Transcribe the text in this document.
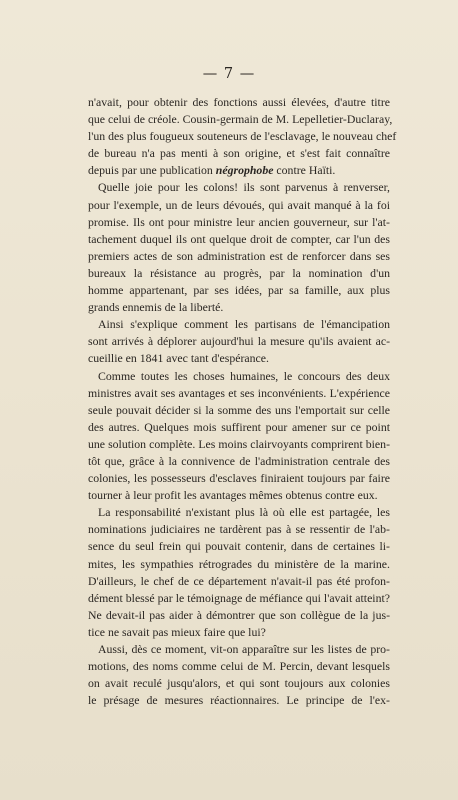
— 7 —
n'avait, pour obtenir des fonctions aussi élevées, d'autre titre
que celui de créole. Cousin-germain de M. Lepelletier-Duclaray,
l'un des plus fougueux souteneurs de l'esclavage, le nouveau chef
de bureau n'a pas menti à son origine, et s'est fait connaître
depuis par une publication négrophobe contre Haïti.
Quelle joie pour les colons! ils sont parvenus à renverser,
pour l'exemple, un de leurs dévoués, qui avait manqué à la foi
promise. Ils ont pour ministre leur ancien gouverneur, sur l'at-
tachement duquel ils ont quelque droit de compter, car l'un des
premiers actes de son administration est de renforcer dans ses
bureaux la résistance au progrès, par la nomination d'un
homme appartenant, par ses idées, par sa famille, aux plus
grands ennemis de la liberté.
Ainsi s'explique comment les partisans de l'émancipation
sont arrivés à déplorer aujourd'hui la mesure qu'ils avaient ac-
cueillie en 1841 avec tant d'espérance.
Comme toutes les choses humaines, le concours des deux
ministres avait ses avantages et ses inconvénients. L'expérience
seule pouvait décider si la somme des uns l'emportait sur celle
des autres. Quelques mois suffirent pour amener sur ce point
une solution complète. Les moins clairvoyants comprirent bien-
tôt que, grâce à la connivence de l'administration centrale des
colonies, les possesseurs d'esclaves finiraient toujours par faire
tourner à leur profit les avantages mêmes obtenus contre eux.
La responsabilité n'existant plus là où elle est partagée, les
nominations judiciaires ne tardèrent pas à se ressentir de l'ab-
sence du seul frein qui pouvait contenir, dans de certaines li-
mites, les sympathies rétrogrades du ministère de la marine.
D'ailleurs, le chef de ce département n'avait-il pas été profon-
dément blessé par le témoignage de méfiance qui l'avait atteint?
Ne devait-il pas aider à démontrer que son collègue de la jus-
tice ne savait pas mieux faire que lui?
Aussi, dès ce moment, vit-on apparaître sur les listes de pro-
motions, des noms comme celui de M. Percin, devant lesquels
on avait reculé jusqu'alors, et qui sont toujours aux colonies
le présage de mesures réactionnaires. Le principe de l'ex-
